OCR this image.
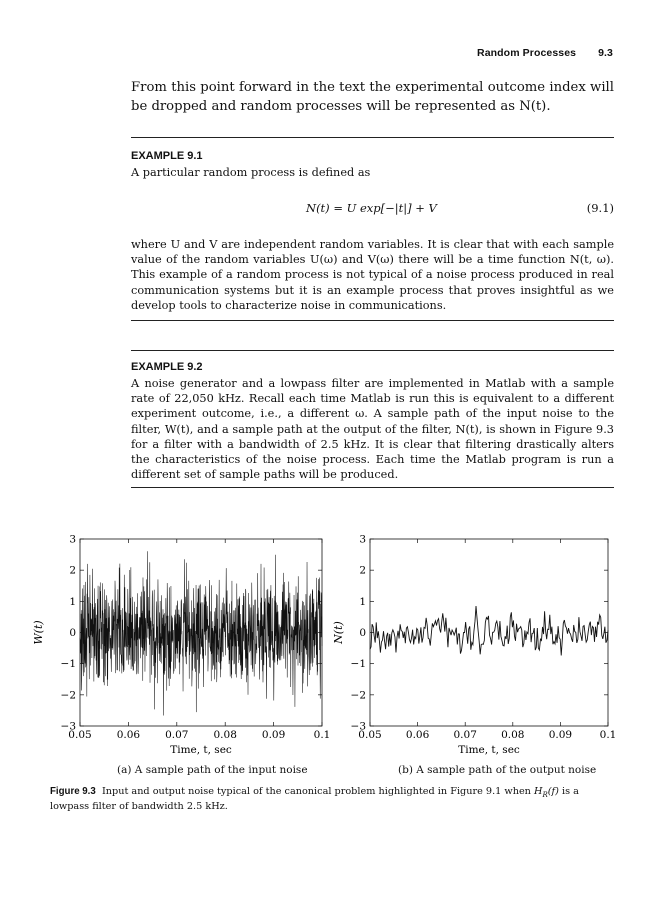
Random Processes 9.3
From this point forward in the text the experimental outcome index will be dropped and random processes will be represented as N(t).
EXAMPLE 9.1
A particular random process is defined as
N(t) = U exp[−|t|] + V	(9.1)
where U and V are independent random variables. It is clear that with each sample value of the random variables U(ω) and V(ω) there will be a time function N(t, ω). This example of a random process is not typical of a noise process produced in real communication systems but it is an example process that proves insightful as we develop tools to characterize noise in communications.
EXAMPLE 9.2
A noise generator and a lowpass filter are implemented in Matlab with a sample rate of 22,050 kHz. Recall each time Matlab is run this is equivalent to a different experiment outcome, i.e., a different ω. A sample path of the input noise to the filter, W(t), and a sample path at the output of the filter, N(t), is shown in Figure 9.3 for a filter with a bandwidth of 2.5 kHz. It is clear that filtering drastically alters the characteristics of the noise process. Each time the Matlab program is run a different set of sample paths will be produced.
0.05 0.06 0.07 0.08 0.09	0.1
−3
−2
−1
0
1
2
3
Time, t, sec
W(t)
(a) A sample path of the input noise
0.05 0.06 0.07 0.08 0.09	0.1
−3
−2
−1
0
1
2
3
Time, t, sec
N(t)
(b) A sample path of the output noise
Figure 9.3 Input and output noise typical of the canonical problem highlighted in Figure 9.1 when $H_R(f)$ is a lowpass filter of bandwidth 2.5 kHz.
